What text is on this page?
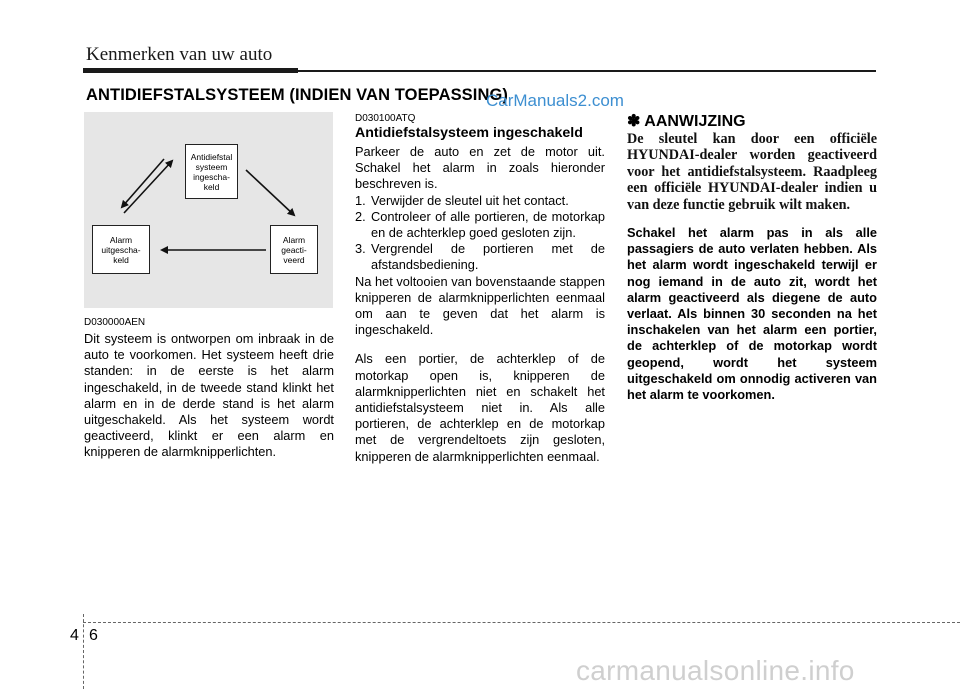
Kenmerken van uw auto
ANTIDIEFSTALSYSTEEM (INDIEN VAN TOEPASSING)
CarManuals2.com
Antidiefstal
systeem
ingescha-
keld
Alarm
geacti-
veerd
Alarm
uitgescha-
keld
D030000AEN
Dit systeem is ontworpen om inbraak in de auto te voorkomen. Het systeem heeft drie standen: in de eerste is het alarm ingeschakeld, in de tweede stand klinkt het alarm en in de derde stand is het alarm uitgeschakeld. Als het systeem wordt geactiveerd, klinkt er een alarm en knipperen de alarmknipperlichten.
D030100ATQ
Antidiefstalsysteem ingeschakeld
Parkeer de auto en zet de motor uit. Schakel het alarm in zoals hieronder beschreven is.
1. Verwijder de sleutel uit het contact.
2. Controleer of alle portieren, de motorkap en de achterklep goed gesloten zijn.
3. Vergrendel de portieren met de afstandsbediening.
Na het voltooien van bovenstaande stappen knipperen de alarmknipperlichten eenmaal om aan te geven dat het alarm is ingeschakeld.
Als een portier, de achterklep of de motorkap open is, knipperen de alarmknipperlichten niet en schakelt het antidiefstalsysteem niet in. Als alle portieren, de achterklep en de motorkap met de vergrendeltoets zijn gesloten, knipperen de alarmknipperlichten eenmaal.
✽ AANWIJZING
De sleutel kan door een officiële HYUNDAI-dealer worden geactiveerd voor het antidiefstalsysteem. Raadpleeg een officiële HYUNDAI-dealer indien u van deze functie gebruik wilt maken.
Schakel het alarm pas in als alle passagiers de auto verlaten hebben. Als het alarm wordt ingeschakeld terwijl er nog iemand in de auto zit, wordt het alarm geactiveerd als diegene de auto verlaat. Als binnen 30 seconden na het inschakelen van het alarm een portier, de achterklep of de motorkap wordt geopend, wordt het systeem uitgeschakeld om onnodig activeren van het alarm te voorkomen.
4 6
carmanualsonline.info
